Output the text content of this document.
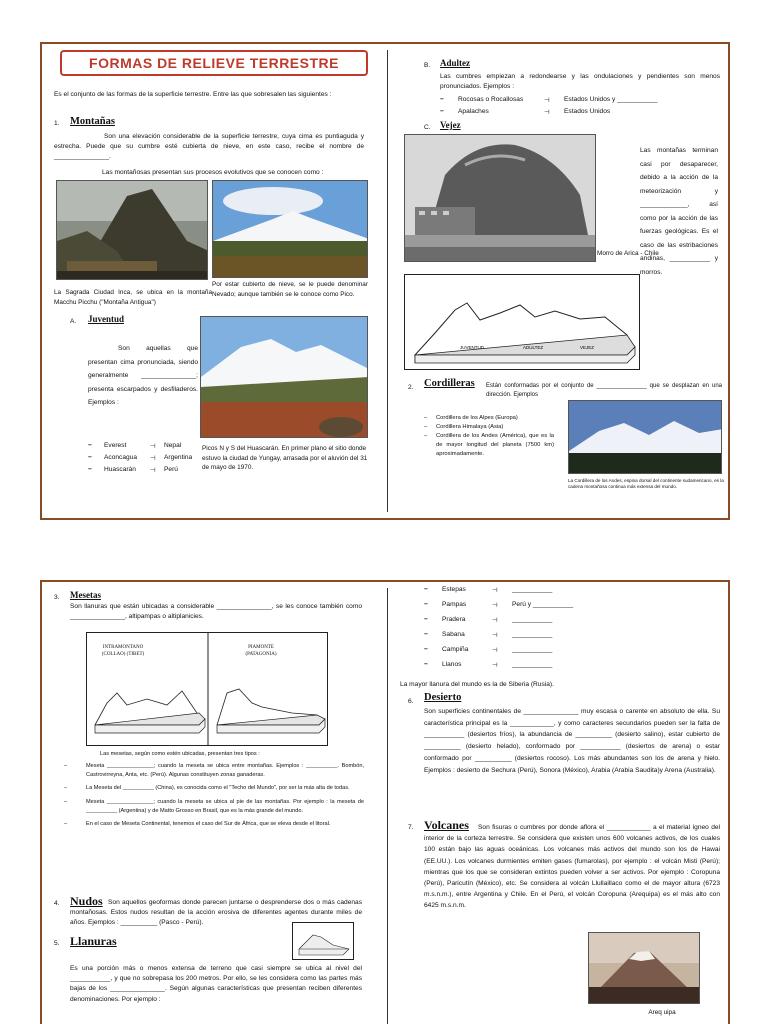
FORMAS DE RELIEVE TERRESTRE
Es el conjunto de las formas de la superficie terrestre. Entre las que sobresalen las siguientes :
1. Montañas
Son una elevación considerable de la superficie terrestre, cuya cima es puntiaguda y estrecha. Puede que su cumbre esté cubierta de nieve, en este caso, recibe el nombre de _______________.
Las montañosas presentan sus procesos evolutivos que se conocen como :
La Sagrada Ciudad Inca, se ubica en la montaña Macchu Picchu ("Montaña Antigua")
Por estar cubierto de nieve, se le puede denominar Nevado; aunque también se le conoce como Pico.
A. Juventud
Son aquellas que presentan cima pronunciada, siendo generalmente _______________; presenta escarpados y desfiladeros. Ejemplos :
− Everest	⊣ Nepal
− Aconcagua ⊣ Argentina
− Huascarán ⊣ Perú
Picos N y S del Huascarán. En primer plano el sitio donde estuvo la ciudad de Yungay, arrasada por el aluvión del 31 de mayo de 1970.
B. Adultez
Las cumbres empiezan a redondearse y las ondulaciones y pendientes son menos pronunciados. Ejemplos :
− Rocosas o Rocallosas	⊣ Estados Unidos y ___________
− Apalaches	⊣ Estados Unidos
C. Vejez
Morro de Arica - Chile
Las montañas terminan casi por desaparecer, debido a la acción de la meteorización y _____________, así como por la acción de las fuerzas geológicas. Es el caso de las estribaciones andinas, ___________ y morros.
JUVENTUD	ADULTEZ	VEJEZ
2. Cordilleras Están conformadas por el conjunto de _______________ que se desplazan en una dirección. Ejemplos
– Cordillera de los Alpes (Europa)
– Cordillera Himalaya (Asia)
– Cordillera de los Andes (América), que es la de mayor longitud del planeta (7500 km) aproximadamente.
La Cordillera de los Andes, espina dorsal del continente sudamericano, es la cadena montañosa continua más extensa del mundo.
3. Mesetas
Son llanuras que están ubicadas a considerable _______________, se les conoce también como _______________, altipampas o altiplanicies.
INTRAMONTANO (COLLAO) (TIBET)
PIAMONTE (PATAGONIA)
Las mesetas, según como estén ubicadas, presentan tres tipos :
–	Meseta _______________; cuando la meseta se ubica entre montañas. Ejemplos : __________. Bombón, Castrovirreyna, Anta, etc. (Perú). Algunas constituyen zonas ganaderas.
–	La Meseta del __________ (China), es conocida como el "Techo del Mundo", por ser la más alta de todas.
–	Meseta _______________; cuando la meseta se ubica al pie de las montañas. Por ejemplo : la meseta de __________ (Argentina) y de Matto Grosso en Brasil, que es la más grande del mundo.
–	En el caso de Meseta Continental, tenemos el caso del Sur de África, que se eleva desde el litoral.
4. Nudos Son aquellos geoformas donde parecen juntarse o desprenderse dos o más cadenas montañosas. Estos nudos resultan de la acción erosiva de diferentes agentes durante miles de años. Ejemplos : __________ (Pasco - Perú).
5. Llanuras
Es una porción más o menos extensa de terreno que casi siempre se ubica al nivel del ___________, y que no sobrepasa los 200 metros. Por ello, se les considera como las partes más bajas de los _______________. Según algunas características que presentan reciben diferentes denominaciones. Por ejemplo :
− Estepas	⊣ ___________
− Pampas	⊣ Perú y ___________
− Pradera	⊣ ___________
− Sabana	⊣ ___________
− Campiña	⊣ ___________
− Llanos	⊣ ___________
La mayor llanura del mundo es la de Siberia (Rusia).
6. Desierto
Son superficies continentales de _______________ muy escasa o carente en absoluto de ella. Su característica principal es la ____________, y como caracteres secundarios pueden ser la falta de ___________ (desiertos fríos), la abundancia de __________ (desierto salino), estar cubierto de __________ (desierto helado), conformado por ___________ (desiertos de arena) o estar conformado por __________ (desiertos rocoso). Los más abundantes son los de arena y hielo. Ejemplos : desierto de Sechura (Perú), Sonora (México), Arabia (Arabia Saudita)y Arena (Australia).
7. Volcanes	Son fisuras o cumbres por donde aflora el ____________ a el material ígneo del interior de la corteza terrestre. Se considera que existen unos 600 volcanes activos, de los cuales 100 están bajo las aguas oceánicas. Los volcanes más activos del mundo son los de Hawai (EE.UU.). Los volcanes durmientes emiten gases (fumarolas), por ejemplo : el volcán Misti (Perú); mientras que los que se consideran extintos pueden volver a ser activos. Por ejemplo : Coropuna (Perú), Paricutín (México), etc. Se considera al volcán Llullaillaco como el de mayor altura (6723 m.s.n.m.), entre Argentina y Chile. En el Perú, el volcán Coropuna (Arequipa) es el más alto con 6425 m.s.n.m.
Areq uipa
